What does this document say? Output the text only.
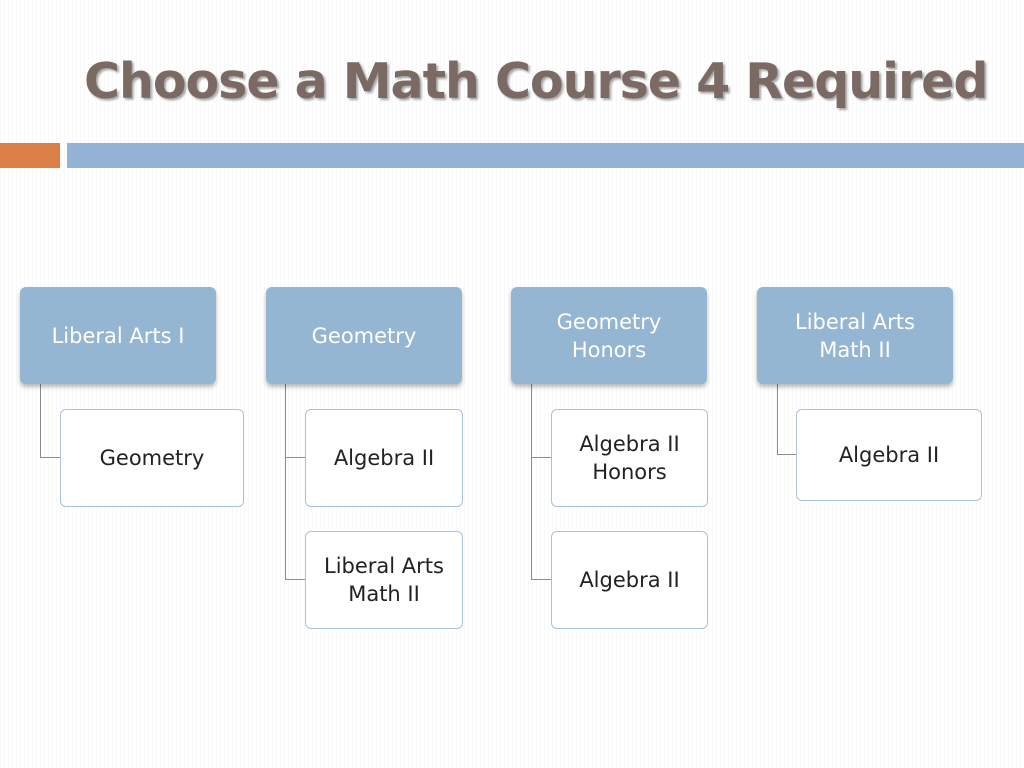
Choose a Math Course 4 Required
Liberal Arts I
Geometry
Geometry
Algebra II
Liberal Arts Math II
Geometry Honors
Algebra II Honors
Algebra II
Liberal Arts Math II
Algebra II
